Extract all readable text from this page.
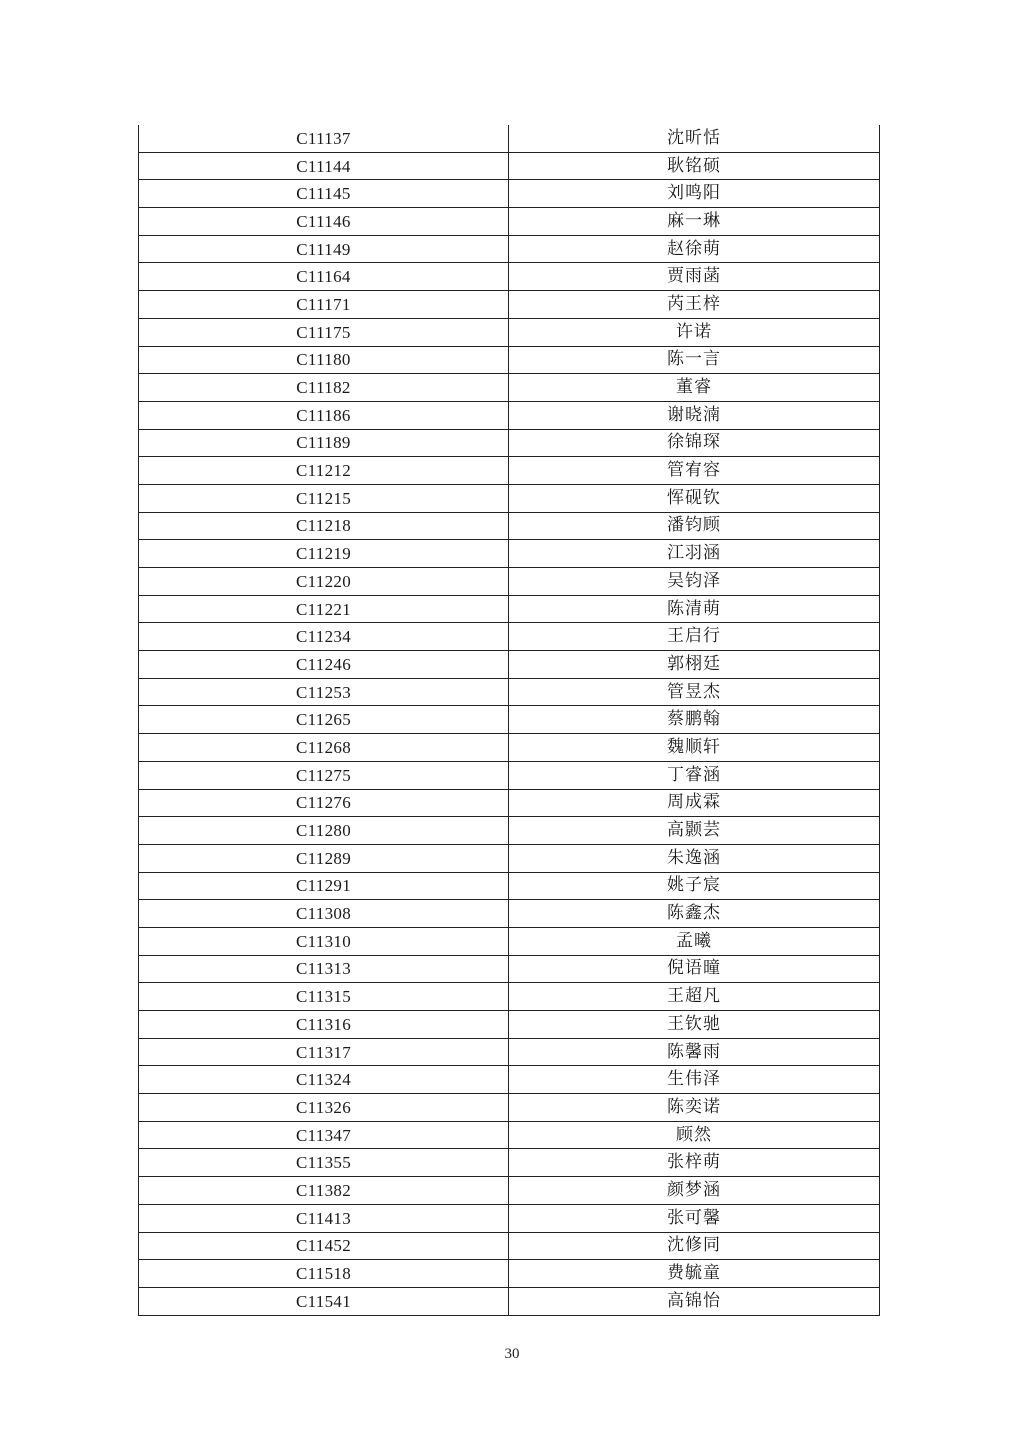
C11137	沈昕恬
C11144	耿铭硕
C11145	刘鸣阳
C11146	麻一琳
C11149	赵徐萌
C11164	贾雨菡
C11171	芮王梓
C11175	许诺
C11180	陈一言
C11182	董睿
C11186	谢晓湳
C11189	徐锦琛
C11212	管宥容
C11215	恽砚钦
C11218	潘钧顾
C11219	江羽涵
C11220	吴钧泽
C11221	陈清萌
C11234	王启行
C11246	郭栩廷
C11253	管昱杰
C11265	蔡鹏翰
C11268	魏顺轩
C11275	丁睿涵
C11276	周成霖
C11280	高颢芸
C11289	朱逸涵
C11291	姚子宸
C11308	陈鑫杰
C11310	孟曦
C11313	倪语曈
C11315	王超凡
C11316	王钦驰
C11317	陈馨雨
C11324	生伟泽
C11326	陈奕诺
C11347	顾然
C11355	张梓萌
C11382	颜梦涵
C11413	张可馨
C11452	沈修同
C11518	费毓童
C11541	高锦怡
30
